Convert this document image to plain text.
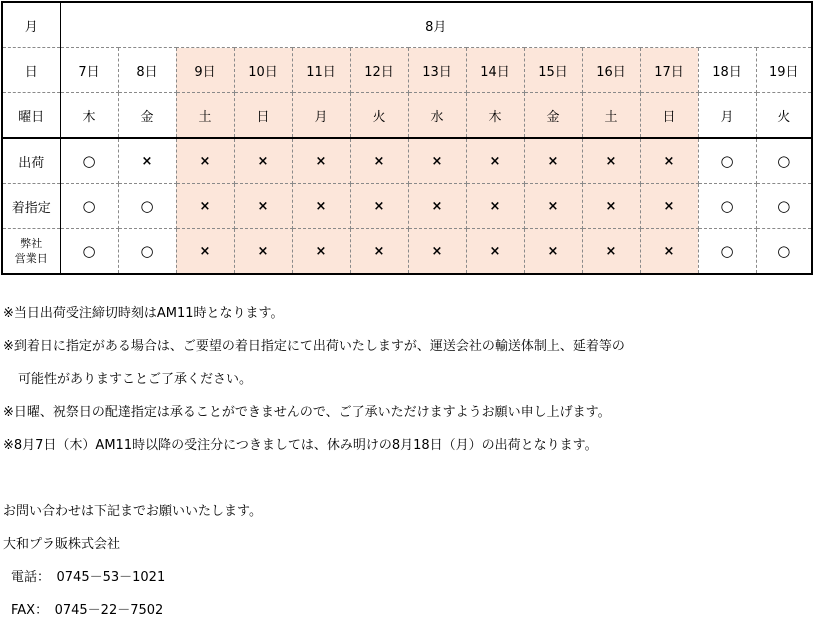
月	8月												
日	7日	8日	9日	10日	11日	12日	13日	14日	15日	16日	17日	18日	19日
曜日	木	金	土	日	月	火	水	木	金	土	日	月	火
出荷	○	×	×	×	×	×	×	×	×	×	×	○	○
着指定	○	○	×	×	×	×	×	×	×	×	×	○	○
弊社
営業日	○	○	×	×	×	×	×	×	×	×	×	○	○

※当日出荷受注締切時刻はAM11時となります。

※到着日に指定がある場合は、ご要望の着日指定にて出荷いたしますが、運送会社の輸送体制上、延着等の

可能性がありますことご了承ください。

※日曜、祝祭日の配達指定は承ることができませんので、ご了承いただけますようお願い申し上げます。

※8月7日（木）AM11時以降の受注分につきましては、休み明けの8月18日（月）の出荷となります。

お問い合わせは下記までお願いいたします。

大和プラ販株式会社

電話：　0745－53－1021

FAX：　0745－22－7502
